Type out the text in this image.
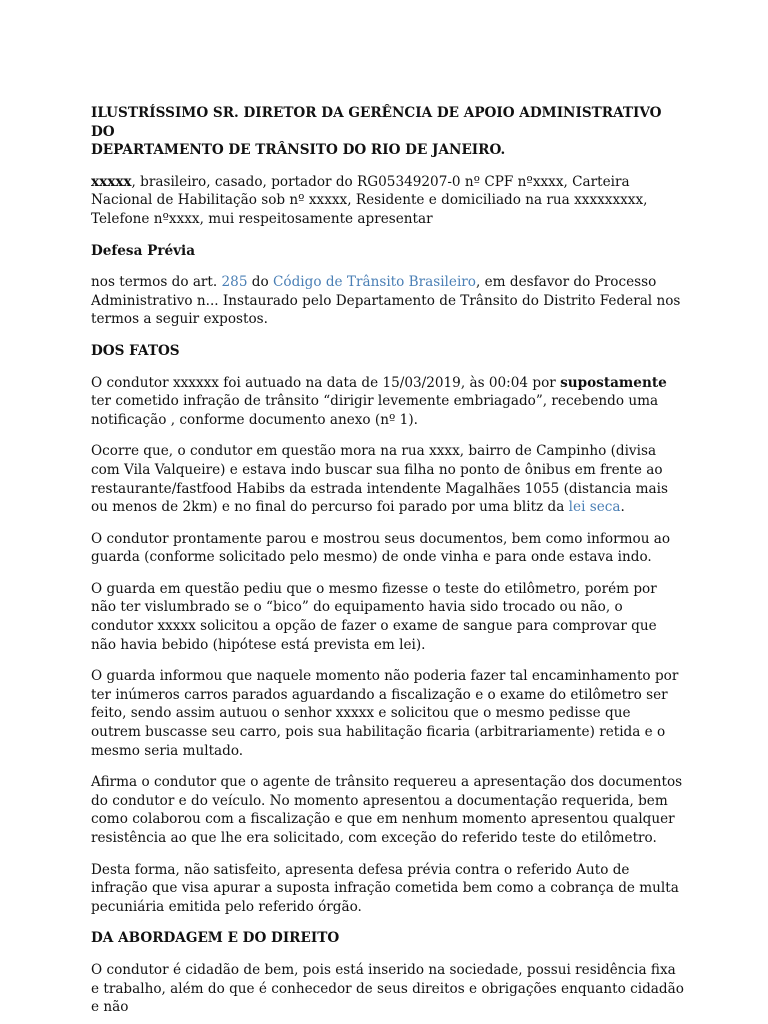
ILUSTRÍSSIMO SR. DIRETOR DA GERÊNCIA DE APOIO ADMINISTRATIVO DO
DEPARTAMENTO DE TRÂNSITO DO RIO DE JANEIRO.

xxxxx, brasileiro, casado, portador do RG05349207-0 nº CPF nºxxxx, Carteira Nacional de Habilitação sob nº xxxxx, Residente e domiciliado na rua xxxxxxxxx, Telefone nºxxxx, mui respeitosamente apresentar

Defesa Prévia

nos termos do art. 285 do Código de Trânsito Brasileiro, em desfavor do Processo Administrativo n... Instaurado pelo Departamento de Trânsito do Distrito Federal nos termos a seguir expostos.

DOS FATOS

O condutor xxxxxx foi autuado na data de 15/03/2019, às 00:04 por supostamente ter cometido infração de trânsito “dirigir levemente embriagado”, recebendo uma notificação , conforme documento anexo (nº 1).

Ocorre que, o condutor em questão mora na rua xxxx, bairro de Campinho (divisa com Vila Valqueire) e estava indo buscar sua filha no ponto de ônibus em frente ao restaurante/fastfood Habibs da estrada intendente Magalhães 1055 (distancia mais ou menos de 2km) e no final do percurso foi parado por uma blitz da lei seca.

O condutor prontamente parou e mostrou seus documentos, bem como informou ao guarda (conforme solicitado pelo mesmo) de onde vinha e para onde estava indo.

O guarda em questão pediu que o mesmo fizesse o teste do etilômetro, porém por não ter vislumbrado se o “bico” do equipamento havia sido trocado ou não, o condutor xxxxx solicitou a opção de fazer o exame de sangue para comprovar que não havia bebido (hipótese está prevista em lei).

O guarda informou que naquele momento não poderia fazer tal encaminhamento por ter inúmeros carros parados aguardando a fiscalização e o exame do etilômetro ser feito, sendo assim autuou o senhor xxxxx e solicitou que o mesmo pedisse que outrem buscasse seu carro, pois sua habilitação ficaria (arbitrariamente) retida e o mesmo seria multado.

Afirma o condutor que o agente de trânsito requereu a apresentação dos documentos do condutor e do veículo. No momento apresentou a documentação requerida, bem como colaborou com a fiscalização e que em nenhum momento apresentou qualquer resistência ao que lhe era solicitado, com exceção do referido teste do etilômetro.

Desta forma, não satisfeito, apresenta defesa prévia contra o referido Auto de infração que visa apurar a suposta infração cometida bem como a cobrança de multa pecuniária emitida pelo referido órgão.

DA ABORDAGEM E DO DIREITO

O condutor é cidadão de bem, pois está inserido na sociedade, possui residência fixa e trabalho, além do que é conhecedor de seus direitos e obrigações enquanto cidadão e não
